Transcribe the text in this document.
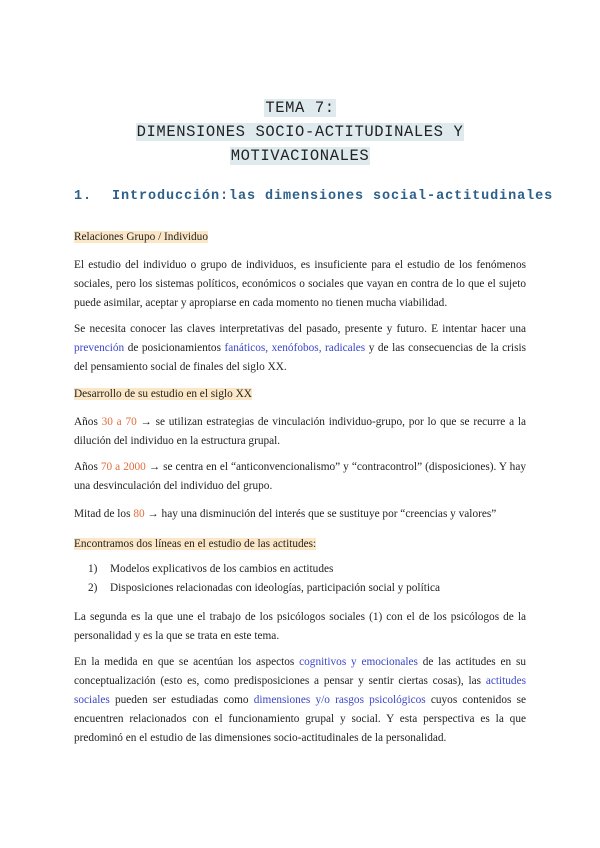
TEMA 7:
DIMENSIONES SOCIO-ACTITUDINALES Y
MOTIVACIONALES
1. Introducción:las dimensiones social-actitudinales
Relaciones Grupo / Individuo
El estudio del individuo o grupo de individuos, es insuficiente para el estudio de los fenómenos sociales, pero los sistemas políticos, económicos o sociales que vayan en contra de lo que el sujeto puede asimilar, aceptar y apropiarse en cada momento no tienen mucha viabilidad.
Se necesita conocer las claves interpretativas del pasado, presente y futuro. E intentar hacer una prevención de posicionamientos fanáticos, xenófobos, radicales y de las consecuencias de la crisis del pensamiento social de finales del siglo XX.
Desarrollo de su estudio en el siglo XX
Años 30 a 70 → se utilizan estrategias de vinculación individuo-grupo, por lo que se recurre a la dilución del individuo en la estructura grupal.
Años 70 a 2000 → se centra en el “anticonvencionalismo” y “contracontrol” (disposiciones). Y hay una desvinculación del individuo del grupo.
Mitad de los 80 → hay una disminución del interés que se sustituye por “creencias y valores”
Encontramos dos líneas en el estudio de las actitudes:
1) Modelos explicativos de los cambios en actitudes
2) Disposiciones relacionadas con ideologías, participación social y política
La segunda es la que une el trabajo de los psicólogos sociales (1) con el de los psicólogos de la personalidad y es la que se trata en este tema.
En la medida en que se acentúan los aspectos cognitivos y emocionales de las actitudes en su conceptualización (esto es, como predisposiciones a pensar y sentir ciertas cosas), las actitudes sociales pueden ser estudiadas como dimensiones y/o rasgos psicológicos cuyos contenidos se encuentren relacionados con el funcionamiento grupal y social. Y esta perspectiva es la que predominó en el estudio de las dimensiones socio-actitudinales de la personalidad.
